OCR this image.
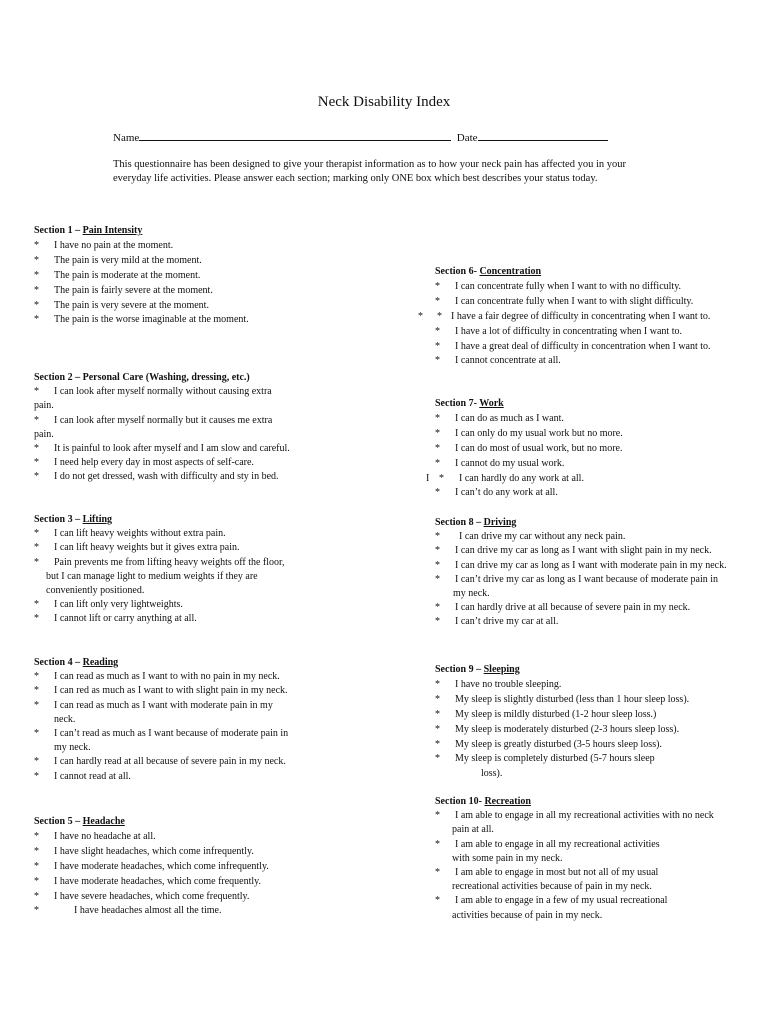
Neck Disability Index
Name	Date
This questionnaire has been designed to give your therapist information as to how your neck pain has affected you in your everyday life activities. Please answer each section; marking only ONE box which best describes your status today.
Section 1 – Pain Intensity
* I have no pain at the moment.
* The pain is very mild at the moment.
* The pain is moderate at the moment.
* The pain is fairly severe at the moment.
* The pain is very severe at the moment.
* The pain is the worse imaginable at the moment.
Section 2 – Personal Care (Washing, dressing, etc.)
* I can look after myself normally without causing extra
pain.
* I can look after myself normally but it causes me extra
pain.
* It is painful to look after myself and I am slow and careful.
* I need help every day in most aspects of self-care.
* I do not get dressed, wash with difficulty and sty in bed.
Section 3 – Lifting
* I can lift heavy weights without extra pain.
* I can lift heavy weights but it gives extra pain.
* Pain prevents me from lifting heavy weights off the floor,
but I can manage light to medium weights if they are
conveniently positioned.
* I can lift only very lightweights.
* I cannot lift or carry anything at all.
Section 4 – Reading
* I can read as much as I want to with no pain in my neck.
* I can red as much as I want to with slight pain in my neck.
* I can read as much as I want with moderate pain in my
neck.
* I can’t read as much as I want because of moderate pain in
my neck.
* I can hardly read at all because of severe pain in my neck.
* I cannot read at all.
Section 5 – Headache
* I have no headache at all.
* I have slight headaches, which come infrequently.
* I have moderate headaches, which come infrequently.
* I have moderate headaches, which come frequently.
* I have severe headaches, which come frequently.
*	I have headaches almost all the time.
Section 6- Concentration
* I can concentrate fully when I want to with no difficulty.
* I can concentrate fully when I want to with slight difficulty.
* * I have a fair degree of difficulty in concentrating when I want to.
* I have a lot of difficulty in concentrating when I want to.
* I have a great deal of difficulty in concentration when I want to.
* I cannot concentrate at all.
Section 7- Work
* I can do as much as I want.
* I can only do my usual work but no more.
* I can do most of usual work, but no more.
* I cannot do my usual work.
I * I can hardly do any work at all.
* I can’t do any work at all.
Section 8 – Driving
* I can drive my car without any neck pain.
* I can drive my car as long as I want with slight pain in my neck.
* I can drive my car as long as I want with moderate pain in my neck.
* I can’t drive my car as long as I want because of moderate pain in
my neck.
* I can hardly drive at all because of severe pain in my neck.
* I can’t drive my car at all.
Section 9 – Sleeping
* I have no trouble sleeping.
* My sleep is slightly disturbed (less than 1 hour sleep loss).
* My sleep is mildly disturbed (1-2 hour sleep loss.)
* My sleep is moderately disturbed (2-3 hours sleep loss).
* My sleep is greatly disturbed (3-5 hours sleep loss).
* My sleep is completely disturbed (5-7 hours sleep
loss).
Section 10- Recreation
* I am able to engage in all my recreational activities with no neck
pain at all.
* I am able to engage in all my recreational activities
with some pain in my neck.
* I am able to engage in most but not all of my usual
recreational activities because of pain in my neck.
* I am able to engage in a few of my usual recreational
activities because of pain in my neck.
